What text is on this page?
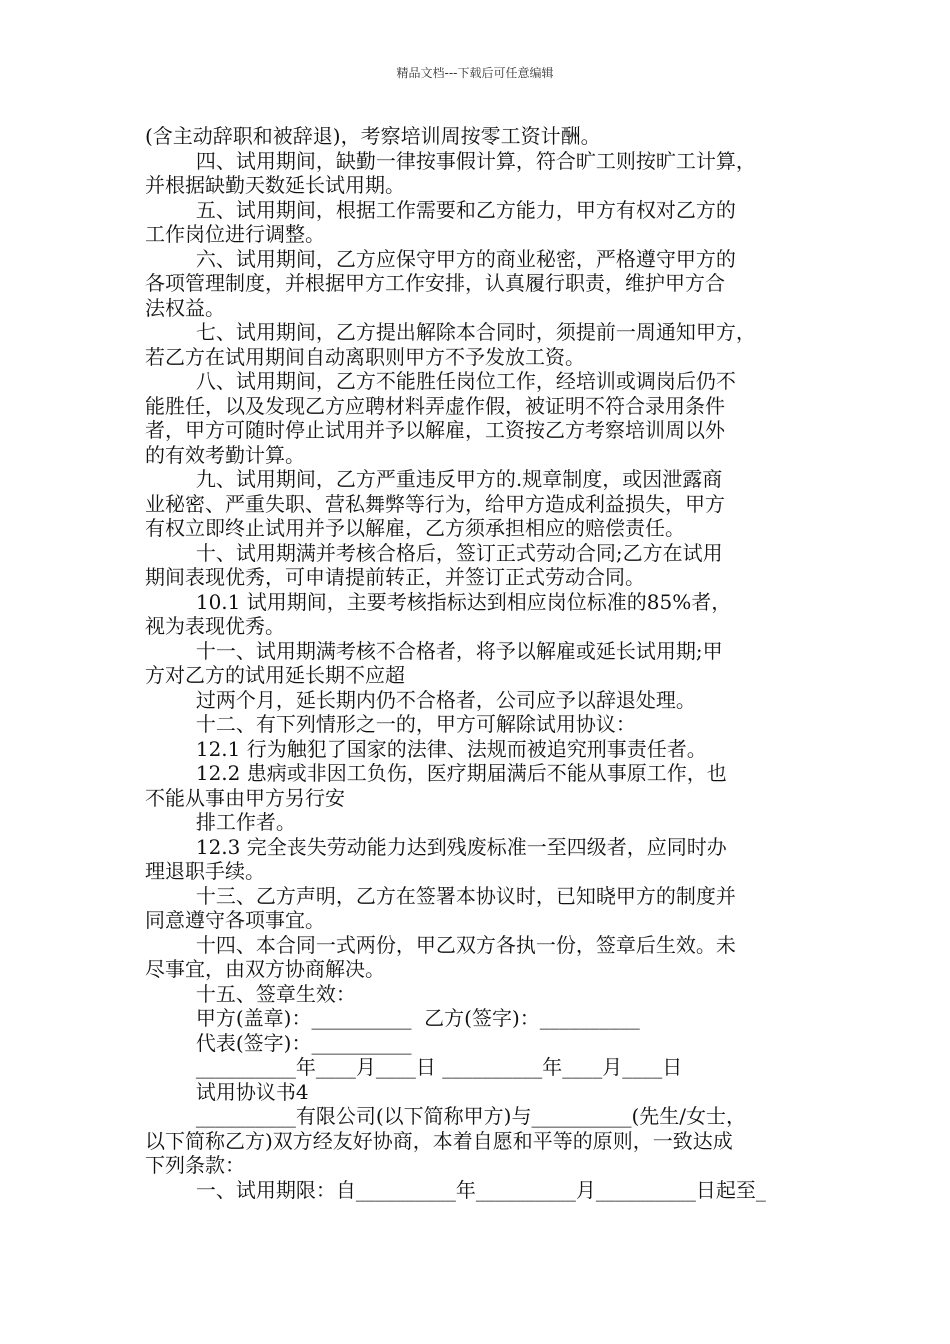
精品文档---下载后可任意编辑
(含主动辞职和被辞退)，考察培训周按零工资计酬。
四、试用期间，缺勤一律按事假计算，符合旷工则按旷工计算，
并根据缺勤天数延长试用期。
五、试用期间，根据工作需要和乙方能力，甲方有权对乙方的
工作岗位进行调整。
六、试用期间，乙方应保守甲方的商业秘密，严格遵守甲方的
各项管理制度，并根据甲方工作安排，认真履行职责，维护甲方合
法权益。
七、试用期间，乙方提出解除本合同时，须提前一周通知甲方，
若乙方在试用期间自动离职则甲方不予发放工资。
八、试用期间，乙方不能胜任岗位工作，经培训或调岗后仍不
能胜任，以及发现乙方应聘材料弄虚作假，被证明不符合录用条件
者，甲方可随时停止试用并予以解雇，工资按乙方考察培训周以外
的有效考勤计算。
九、试用期间，乙方严重违反甲方的.规章制度，或因泄露商
业秘密、严重失职、营私舞弊等行为，给甲方造成利益损失，甲方
有权立即终止试用并予以解雇，乙方须承担相应的赔偿责任。
十、试用期满并考核合格后，签订正式劳动合同;乙方在试用
期间表现优秀，可申请提前转正，并签订正式劳动合同。
10.1 试用期间，主要考核指标达到相应岗位标准的85%者，
视为表现优秀。
十一、试用期满考核不合格者，将予以解雇或延长试用期;甲
方对乙方的试用延长期不应超
过两个月，延长期内仍不合格者，公司应予以辞退处理。
十二、有下列情形之一的，甲方可解除试用协议：
12.1 行为触犯了国家的法律、法规而被追究刑事责任者。
12.2 患病或非因工负伤，医疗期届满后不能从事原工作，也
不能从事由甲方另行安
排工作者。
12.3 完全丧失劳动能力达到残废标准一至四级者，应同时办
理退职手续。
十三、乙方声明，乙方在签署本协议时，已知晓甲方的制度并
同意遵守各项事宜。
十四、本合同一式两份，甲乙双方各执一份，签章后生效。未
尽事宜，由双方协商解决。
十五、签章生效：
甲方(盖章)：__________  乙方(签字)：__________
代表(签字)：__________
__________年____月____日 __________年____月____日
试用协议书4
__________有限公司(以下简称甲方)与__________(先生/女士，
以下简称乙方)双方经友好协商，本着自愿和平等的原则，一致达成
下列条款：
一、试用期限：自__________年__________月__________日起至_
